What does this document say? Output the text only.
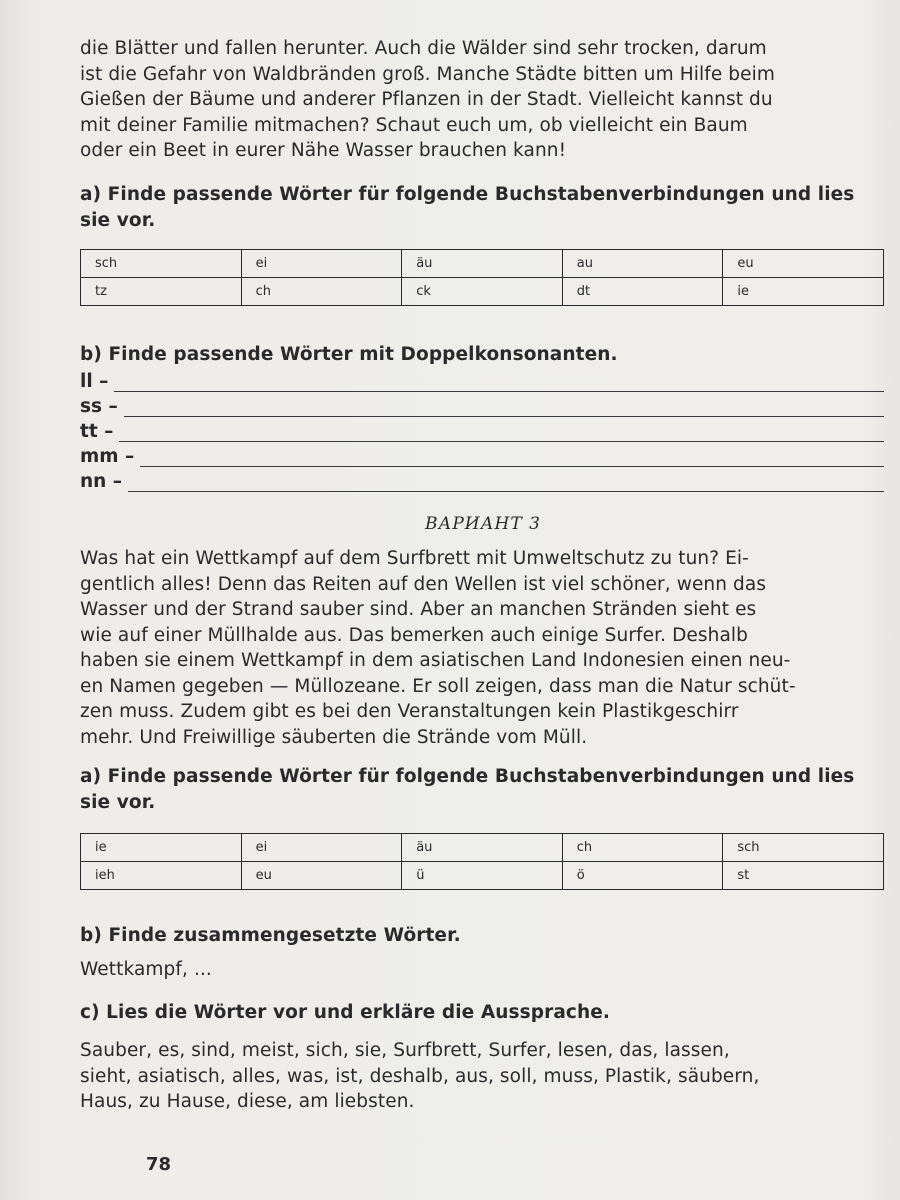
die Blätter und fallen herunter. Auch die Wälder sind sehr trocken, darum
ist die Gefahr von Waldbränden groß. Manche Städte bitten um Hilfe beim
Gießen der Bäume und anderer Pflanzen in der Stadt. Vielleicht kannst du
mit deiner Familie mitmachen? Schaut euch um, ob vielleicht ein Baum
oder ein Beet in eurer Nähe Wasser brauchen kann!

a) Finde passende Wörter für folgende Buchstabenverbindungen und lies
sie vor.

sch	ei	äu	au	eu
tz	ch	ck	dt	ie

b) Finde passende Wörter mit Doppelkonsonanten.

ll –
ss –
tt –
mm –
nn –
ВАРИАНТ 3

Was hat ein Wettkampf auf dem Surfbrett mit Umweltschutz zu tun? Ei-
gentlich alles! Denn das Reiten auf den Wellen ist viel schöner, wenn das
Wasser und der Strand sauber sind. Aber an manchen Stränden sieht es
wie auf einer Müllhalde aus. Das bemerken auch einige Surfer. Deshalb
haben sie einem Wettkampf in dem asiatischen Land Indonesien einen neu-
en Namen gegeben — Müllozeane. Er soll zeigen, dass man die Natur schüt-
zen muss. Zudem gibt es bei den Veranstaltungen kein Plastikgeschirr
mehr. Und Freiwillige säuberten die Strände vom Müll.

a) Finde passende Wörter für folgende Buchstabenverbindungen und lies
sie vor.

ie	ei	äu	ch	sch
ieh	eu	ü	ö	st

b) Finde zusammengesetzte Wörter.

Wettkampf, ...

c) Lies die Wörter vor und erkläre die Aussprache.

Sauber, es, sind, meist, sich, sie, Surfbrett, Surfer, lesen, das, lassen,
sieht, asiatisch, alles, was, ist, deshalb, aus, soll, muss, Plastik, säubern,
Haus, zu Hause, diese, am liebsten.

78
